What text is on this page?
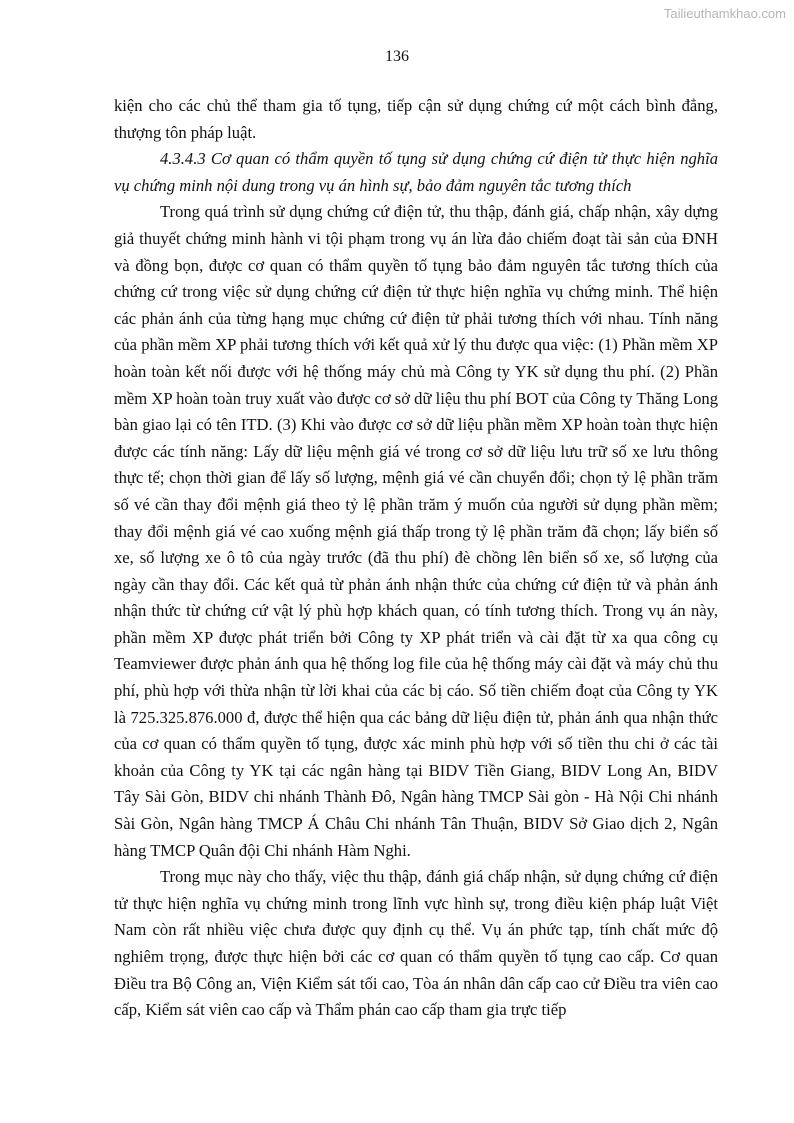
Tailieuthamkhao.com
136

kiện cho các chủ thể tham gia tố tụng, tiếp cận sử dụng chứng cứ một cách bình đẳng, thượng tôn pháp luật.

4.3.4.3 Cơ quan có thẩm quyền tố tụng sử dụng chứng cứ điện tử thực hiện nghĩa vụ chứng minh nội dung trong vụ án hình sự, bảo đảm nguyên tắc tương thích

Trong quá trình sử dụng chứng cứ điện tử, thu thập, đánh giá, chấp nhận, xây dựng giả thuyết chứng minh hành vi tội phạm trong vụ án lừa đảo chiếm đoạt tài sản của ĐNH và đồng bọn, được cơ quan có thẩm quyền tố tụng bảo đảm nguyên tắc tương thích của chứng cứ trong việc sử dụng chứng cứ điện tử thực hiện nghĩa vụ chứng minh. Thể hiện các phản ánh của từng hạng mục chứng cứ điện tử phải tương thích với nhau. Tính năng của phần mềm XP phải tương thích với kết quả xử lý thu được qua việc: (1) Phần mềm XP hoàn toàn kết nối được với hệ thống máy chủ mà Công ty YK sử dụng thu phí. (2) Phần mềm XP hoàn toàn truy xuất vào được cơ sở dữ liệu thu phí BOT của Công ty Thăng Long bàn giao lại có tên ITD. (3) Khi vào được cơ sở dữ liệu phần mềm XP hoàn toàn thực hiện được các tính năng: Lấy dữ liệu mệnh giá vé trong cơ sở dữ liệu lưu trữ số xe lưu thông thực tế; chọn thời gian để lấy số lượng, mệnh giá vé cần chuyển đổi; chọn tỷ lệ phần trăm số vé cần thay đổi mệnh giá theo tỷ lệ phần trăm ý muốn của người sử dụng phần mềm; thay đổi mệnh giá vé cao xuống mệnh giá thấp trong tỷ lệ phần trăm đã chọn; lấy biển số xe, số lượng xe ô tô của ngày trước (đã thu phí) đè chồng lên biển số xe, số lượng của ngày cần thay đổi. Các kết quả từ phản ánh nhận thức của chứng cứ điện tử và phản ánh nhận thức từ chứng cứ vật lý phù hợp khách quan, có tính tương thích. Trong vụ án này, phần mềm XP được phát triển bởi Công ty XP phát triển và cài đặt từ xa qua công cụ Teamviewer được phản ánh qua hệ thống log file của hệ thống máy cài đặt và máy chủ thu phí, phù hợp với thừa nhận từ lời khai của các bị cáo. Số tiền chiếm đoạt của Công ty YK là 725.325.876.000 đ, được thể hiện qua các bảng dữ liệu điện tử, phản ánh qua nhận thức của cơ quan có thẩm quyền tố tụng, được xác minh phù hợp với số tiền thu chi ở các tài khoản của Công ty YK tại các ngân hàng tại BIDV Tiền Giang, BIDV Long An, BIDV Tây Sài Gòn, BIDV chi nhánh Thành Đô, Ngân hàng TMCP Sài gòn - Hà Nội Chi nhánh Sài Gòn, Ngân hàng TMCP Á Châu Chi nhánh Tân Thuận, BIDV Sở Giao dịch 2, Ngân hàng TMCP Quân đội Chi nhánh Hàm Nghi.

Trong mục này cho thấy, việc thu thập, đánh giá chấp nhận, sử dụng chứng cứ điện tử thực hiện nghĩa vụ chứng minh trong lĩnh vực hình sự, trong điều kiện pháp luật Việt Nam còn rất nhiều việc chưa được quy định cụ thể. Vụ án phức tạp, tính chất mức độ nghiêm trọng, được thực hiện bởi các cơ quan có thẩm quyền tố tụng cao cấp. Cơ quan Điều tra Bộ Công an, Viện Kiểm sát tối cao, Tòa án nhân dân cấp cao cử Điều tra viên cao cấp, Kiểm sát viên cao cấp và Thẩm phán cao cấp tham gia trực tiếp
